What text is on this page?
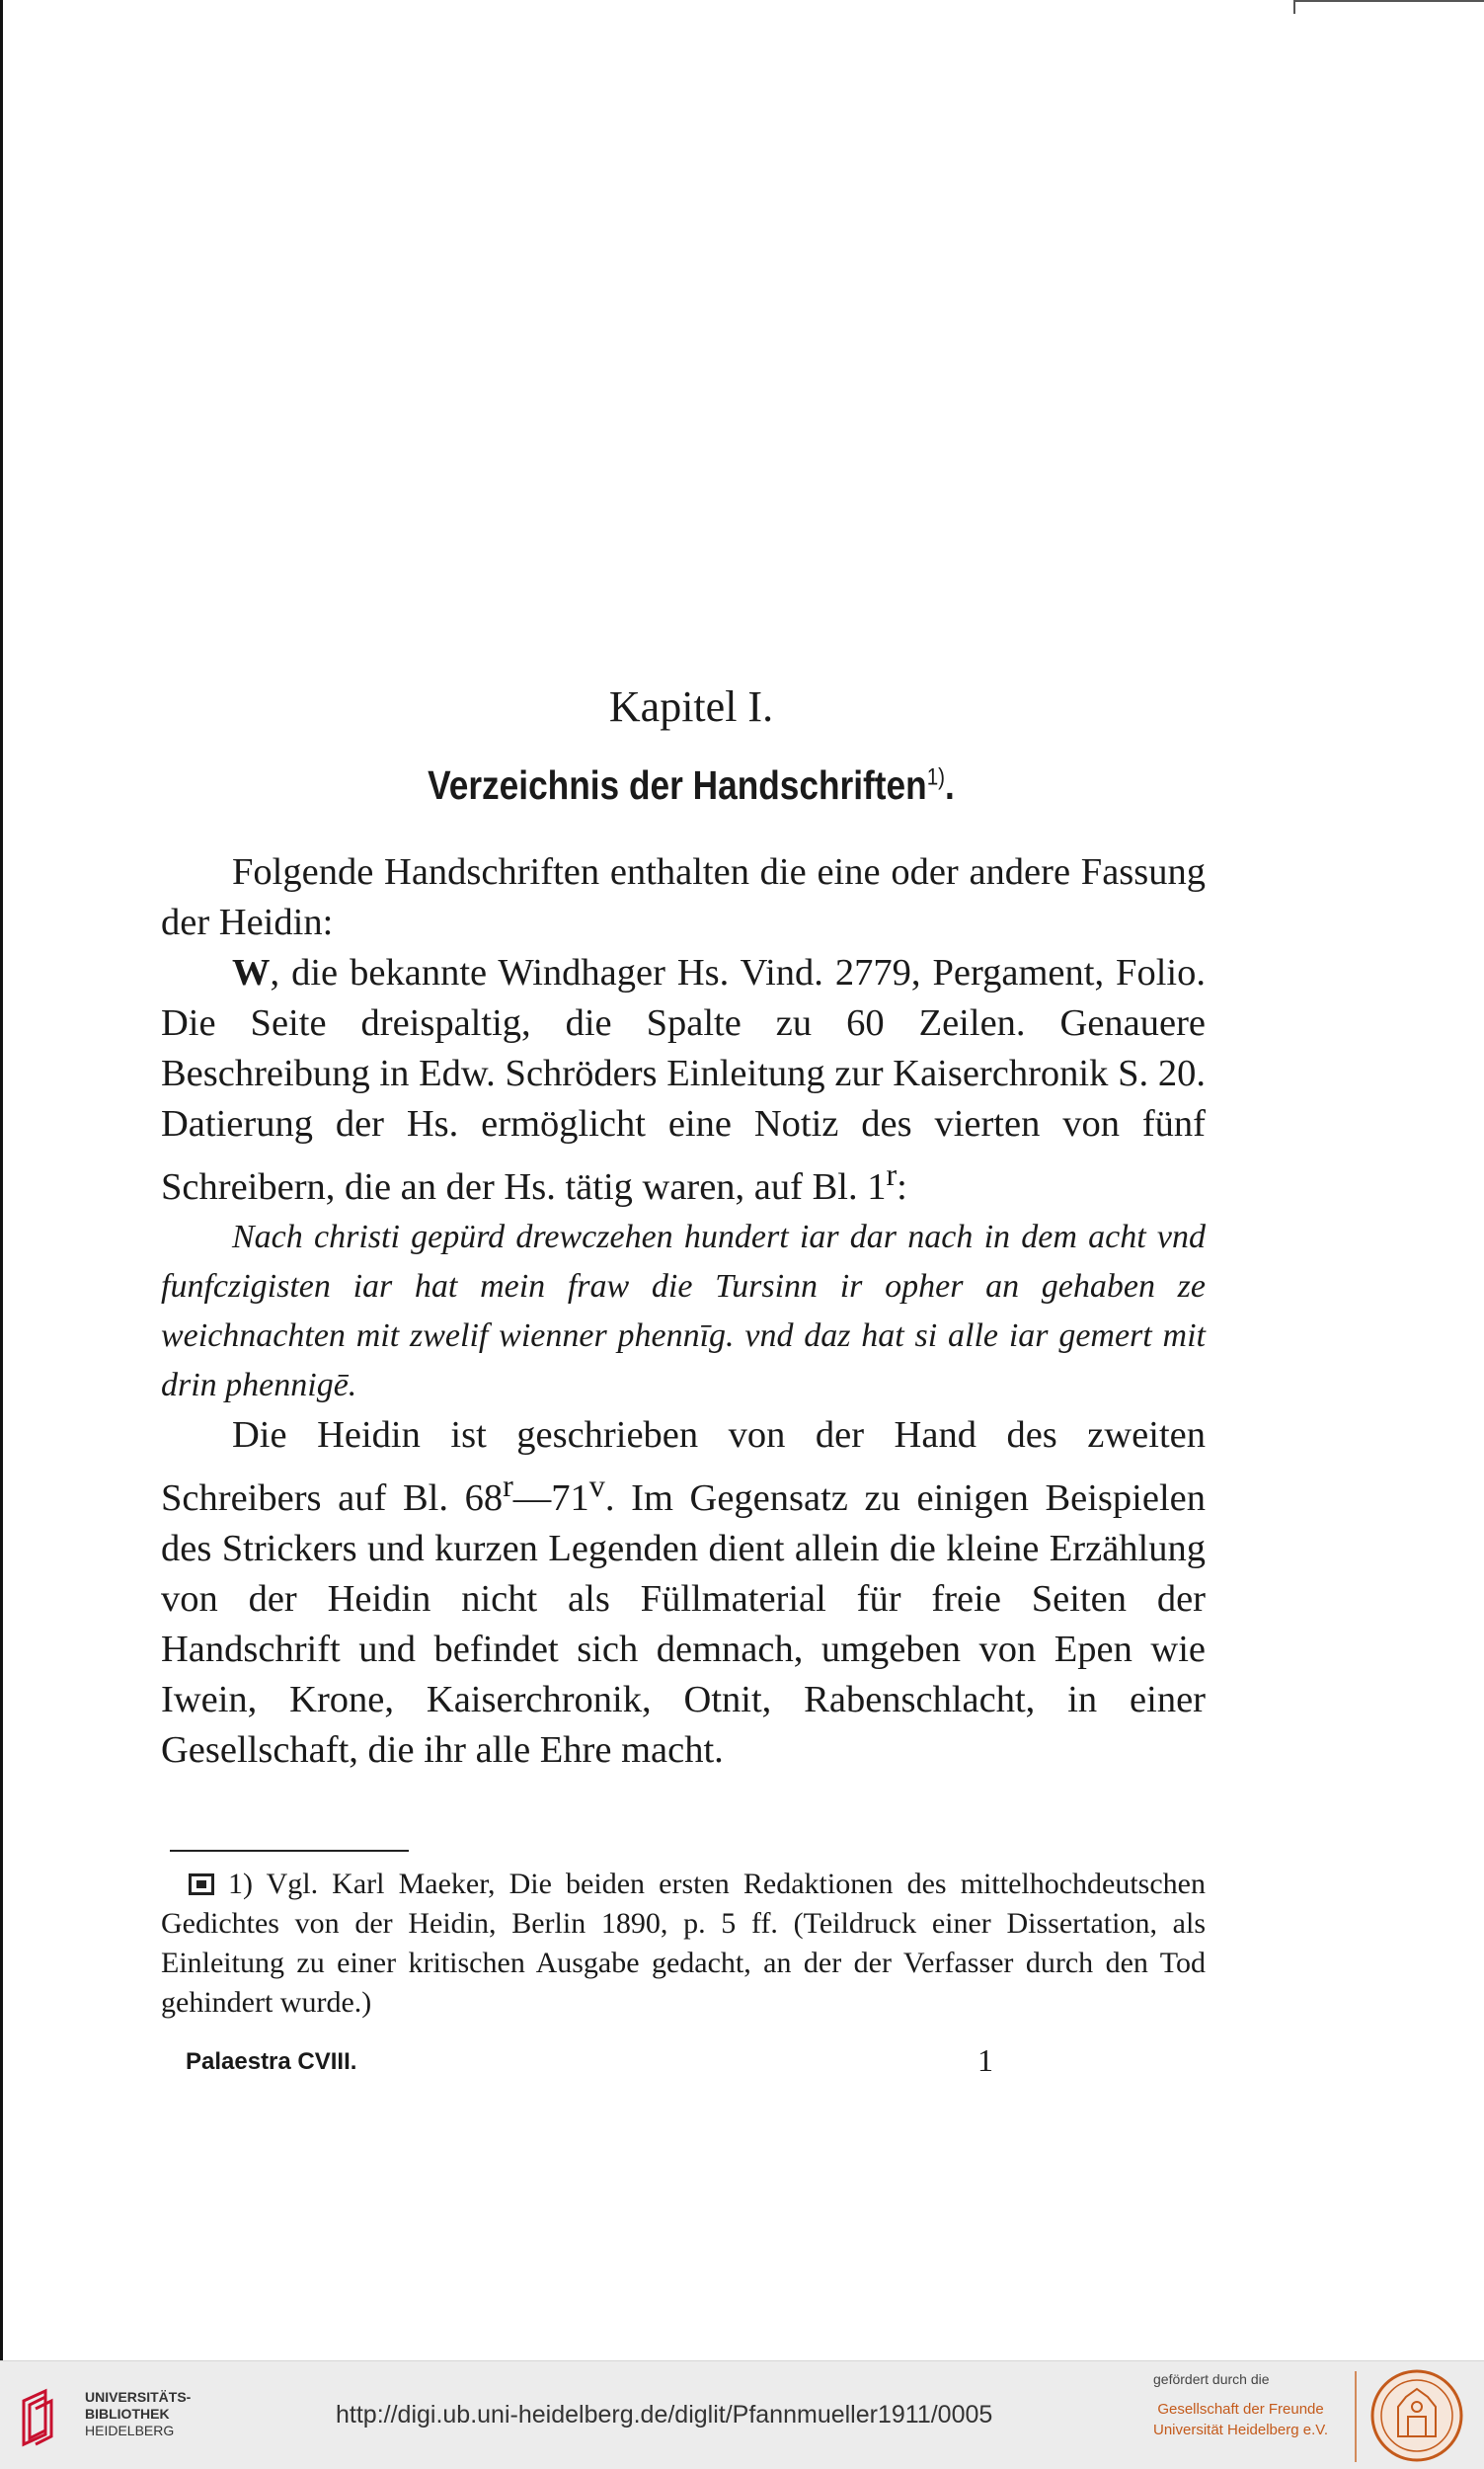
Kapitel I.
Verzeichnis der Handschriften$^{1)}$.

Folgende Handschriften enthalten die eine oder andere Fassung der Heidin:

W, die bekannte Windhager Hs. Vind. 2779, Pergament, Folio. Die Seite dreispaltig, die Spalte zu 60 Zeilen. Genauere Beschreibung in Edw. Schröders Einleitung zur Kaiserchronik S. 20. Datierung der Hs. ermöglicht eine Notiz des vierten von fünf Schreibern, die an der Hs. tätig waren, auf Bl. 1$^r$:

Nach christi gepürd drewczehen hundert iar dar nach in dem acht vnd funfczigisten iar hat mein fraw die Tursinn ir opher an gehaben ze weichnachten mit zwelif wienner phennīg. vnd daz hat si alle iar gemert mit drin phennigē.

Die Heidin ist geschrieben von der Hand des zweiten Schreibers auf Bl. 68$^r$—71$^v$. Im Gegensatz zu einigen Beispielen des Strickers und kurzen Legenden dient allein die kleine Erzählung von der Heidin nicht als Füllmaterial für freie Seiten der Handschrift und befindet sich demnach, umgeben von Epen wie Iwein, Krone, Kaiserchronik, Otnit, Rabenschlacht, in einer Gesellschaft, die ihr alle Ehre macht.

1) Vgl. Karl Maeker, Die beiden ersten Redaktionen des mittelhochdeutschen Gedichtes von der Heidin, Berlin 1890, p. 5 ff. (Teildruck einer Dissertation, als Einleitung zu einer kritischen Ausgabe gedacht, an der der Verfasser durch den Tod gehindert wurde.)
Palaestra CVIII.	1
UNIVERSITÄTS-
BIBLIOTHEK
HEIDELBERG
http://digi.ub.uni-heidelberg.de/diglit/Pfannmueller1911/0005
gefördert durch die
Gesellschaft der Freunde
Universität Heidelberg e.V.
